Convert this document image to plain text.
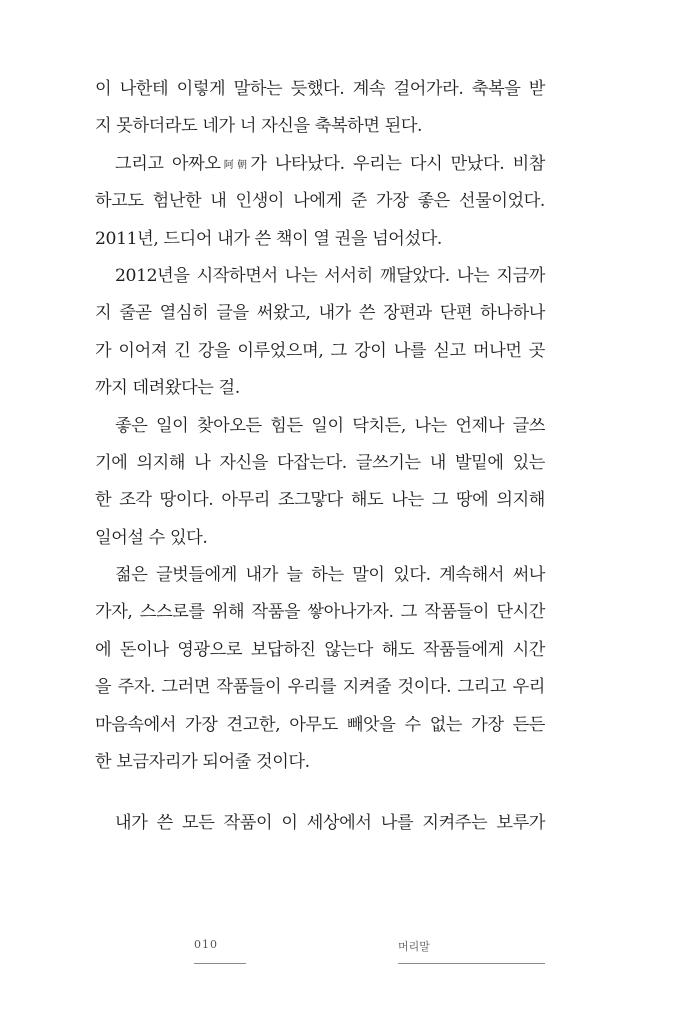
이 나한테 이렇게 말하는 듯했다. 계속 걸어가라. 축복을 받
지 못하더라도 네가 너 자신을 축복하면 된다.
그리고 아짜오阿朝가 나타났다. 우리는 다시 만났다. 비참
하고도 험난한 내 인생이 나에게 준 가장 좋은 선물이었다.
2011년, 드디어 내가 쓴 책이 열 권을 넘어섰다.
2012년을 시작하면서 나는 서서히 깨달았다. 나는 지금까
지 줄곧 열심히 글을 써왔고, 내가 쓴 장편과 단편 하나하나
가 이어져 긴 강을 이루었으며, 그 강이 나를 싣고 머나먼 곳
까지 데려왔다는 걸.
좋은 일이 찾아오든 힘든 일이 닥치든, 나는 언제나 글쓰
기에 의지해 나 자신을 다잡는다. 글쓰기는 내 발밑에 있는
한 조각 땅이다. 아무리 조그맣다 해도 나는 그 땅에 의지해
일어설 수 있다.
젊은 글벗들에게 내가 늘 하는 말이 있다. 계속해서 써나
가자, 스스로를 위해 작품을 쌓아나가자. 그 작품들이 단시간
에 돈이나 영광으로 보답하진 않는다 해도 작품들에게 시간
을 주자. 그러면 작품들이 우리를 지켜줄 것이다. 그리고 우리
마음속에서 가장 견고한, 아무도 빼앗을 수 없는 가장 든든
한 보금자리가 되어줄 것이다.
내가 쓴 모든 작품이 이 세상에서 나를 지켜주는 보루가
010	머리말
